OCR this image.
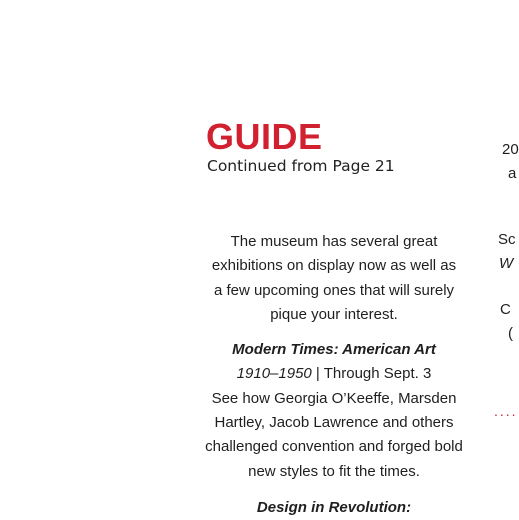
GUIDE
Continued from Page 21

The museum has several great
exhibitions on display now as well as
a few upcoming ones that will surely
pique your interest.

Modern Times: American Art

1910–1950 | Through Sept. 3
See how Georgia O’Keeffe, Marsden
Hartley, Jacob Lawrence and others
challenged convention and forged bold
new styles to fit the times.

Design in Revolution:
20
a
Sc
W
C
(
....
